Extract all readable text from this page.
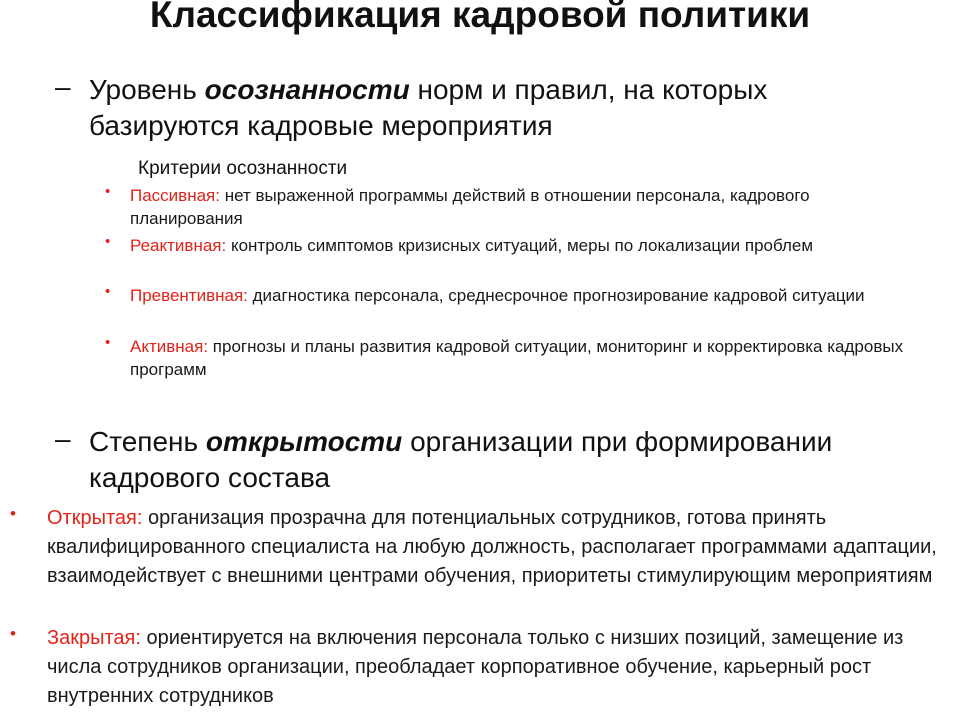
Классификация кадровой политики
– Уровень осознанности норм и правил, на которых базируются кадровые мероприятия
Критерии осознанности
• Пассивная: нет выраженной программы действий в отношении персонала, кадрового планирования
• Реактивная: контроль симптомов кризисных ситуаций, меры по локализации проблем
• Превентивная: диагностика персонала, среднесрочное прогнозирование кадровой ситуации
• Активная: прогнозы и планы развития кадровой ситуации, мониторинг и корректировка кадровых программ
– Степень открытости организации при формировании кадрового состава
• Открытая: организация прозрачна для потенциальных сотрудников, готова принять квалифицированного специалиста на любую должность, располагает программами адаптации, взаимодействует с внешними центрами обучения, приоритеты стимулирующим мероприятиям
• Закрытая: ориентируется на включения персонала только с низших позиций, замещение из числа сотрудников организации, преобладает корпоративное обучение, карьерный рост внутренних сотрудников
